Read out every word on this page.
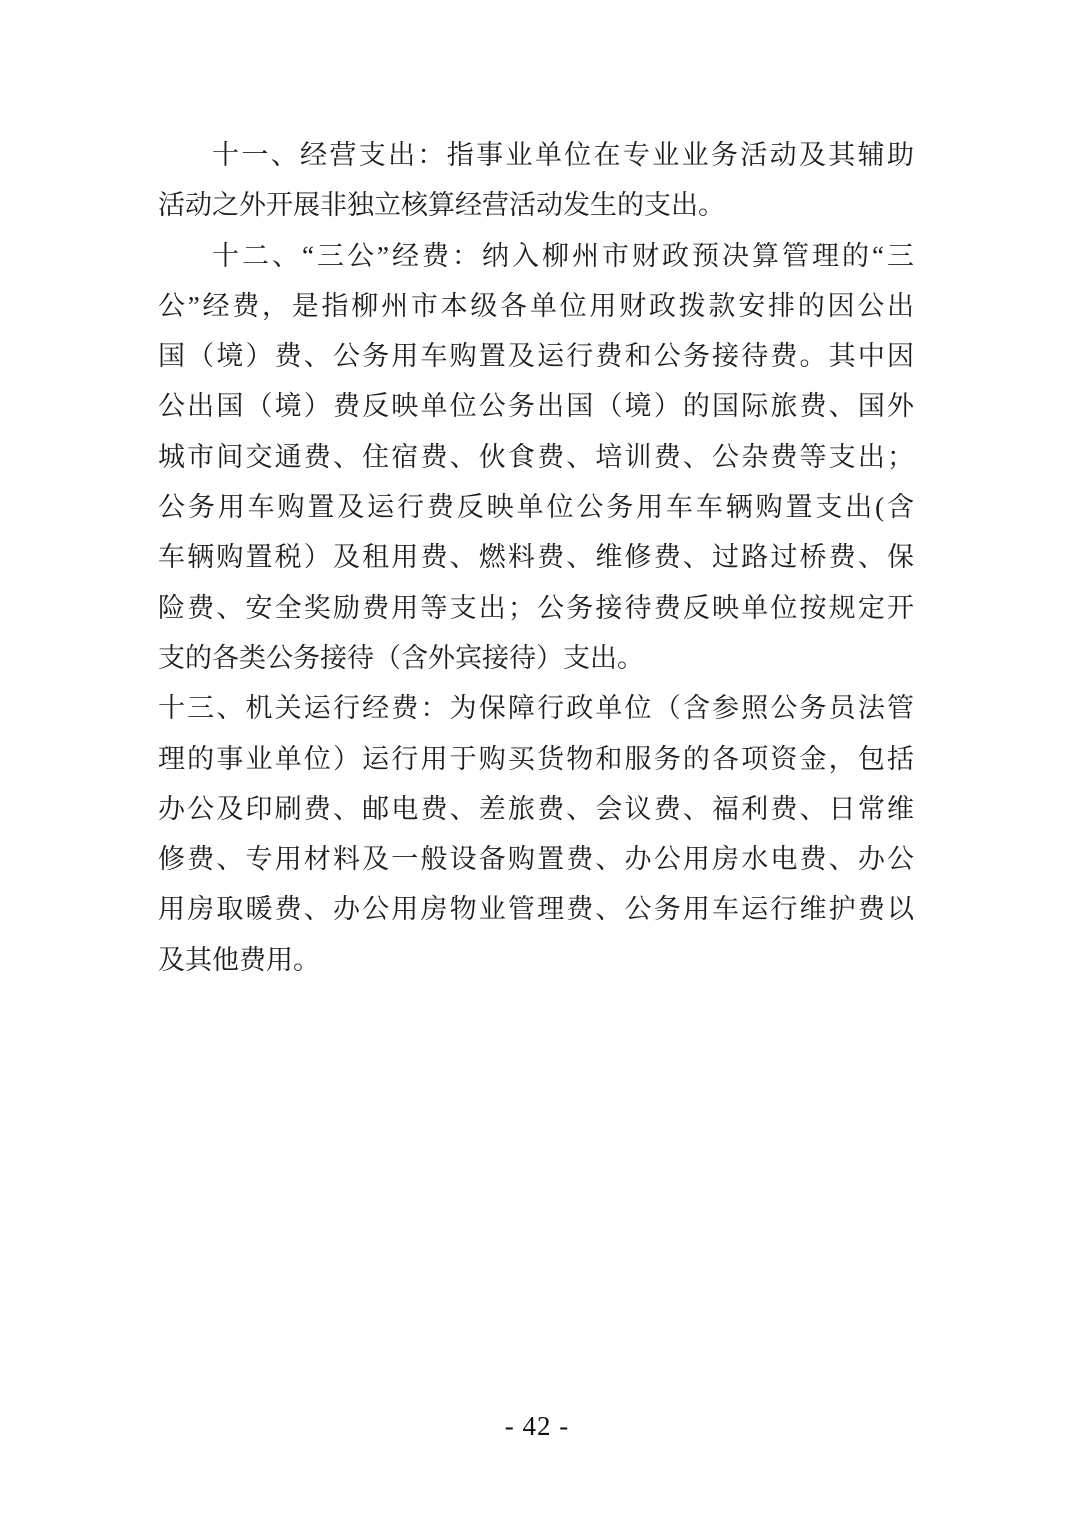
十一、经营支出：指事业单位在专业业务活动及其辅助
活动之外开展非独立核算经营活动发生的支出。
十二、“三公”经费：纳入柳州市财政预决算管理的“三
公”经费，是指柳州市本级各单位用财政拨款安排的因公出
国（境）费、公务用车购置及运行费和公务接待费。其中因
公出国（境）费反映单位公务出国（境）的国际旅费、国外
城市间交通费、住宿费、伙食费、培训费、公杂费等支出；
公务用车购置及运行费反映单位公务用车车辆购置支出(含
车辆购置税）及租用费、燃料费、维修费、过路过桥费、保
险费、安全奖励费用等支出；公务接待费反映单位按规定开
支的各类公务接待（含外宾接待）支出。
十三、机关运行经费：为保障行政单位（含参照公务员法管
理的事业单位）运行用于购买货物和服务的各项资金，包括
办公及印刷费、邮电费、差旅费、会议费、福利费、日常维
修费、专用材料及一般设备购置费、办公用房水电费、办公
用房取暖费、办公用房物业管理费、公务用车运行维护费以
及其他费用。
- 42 -
